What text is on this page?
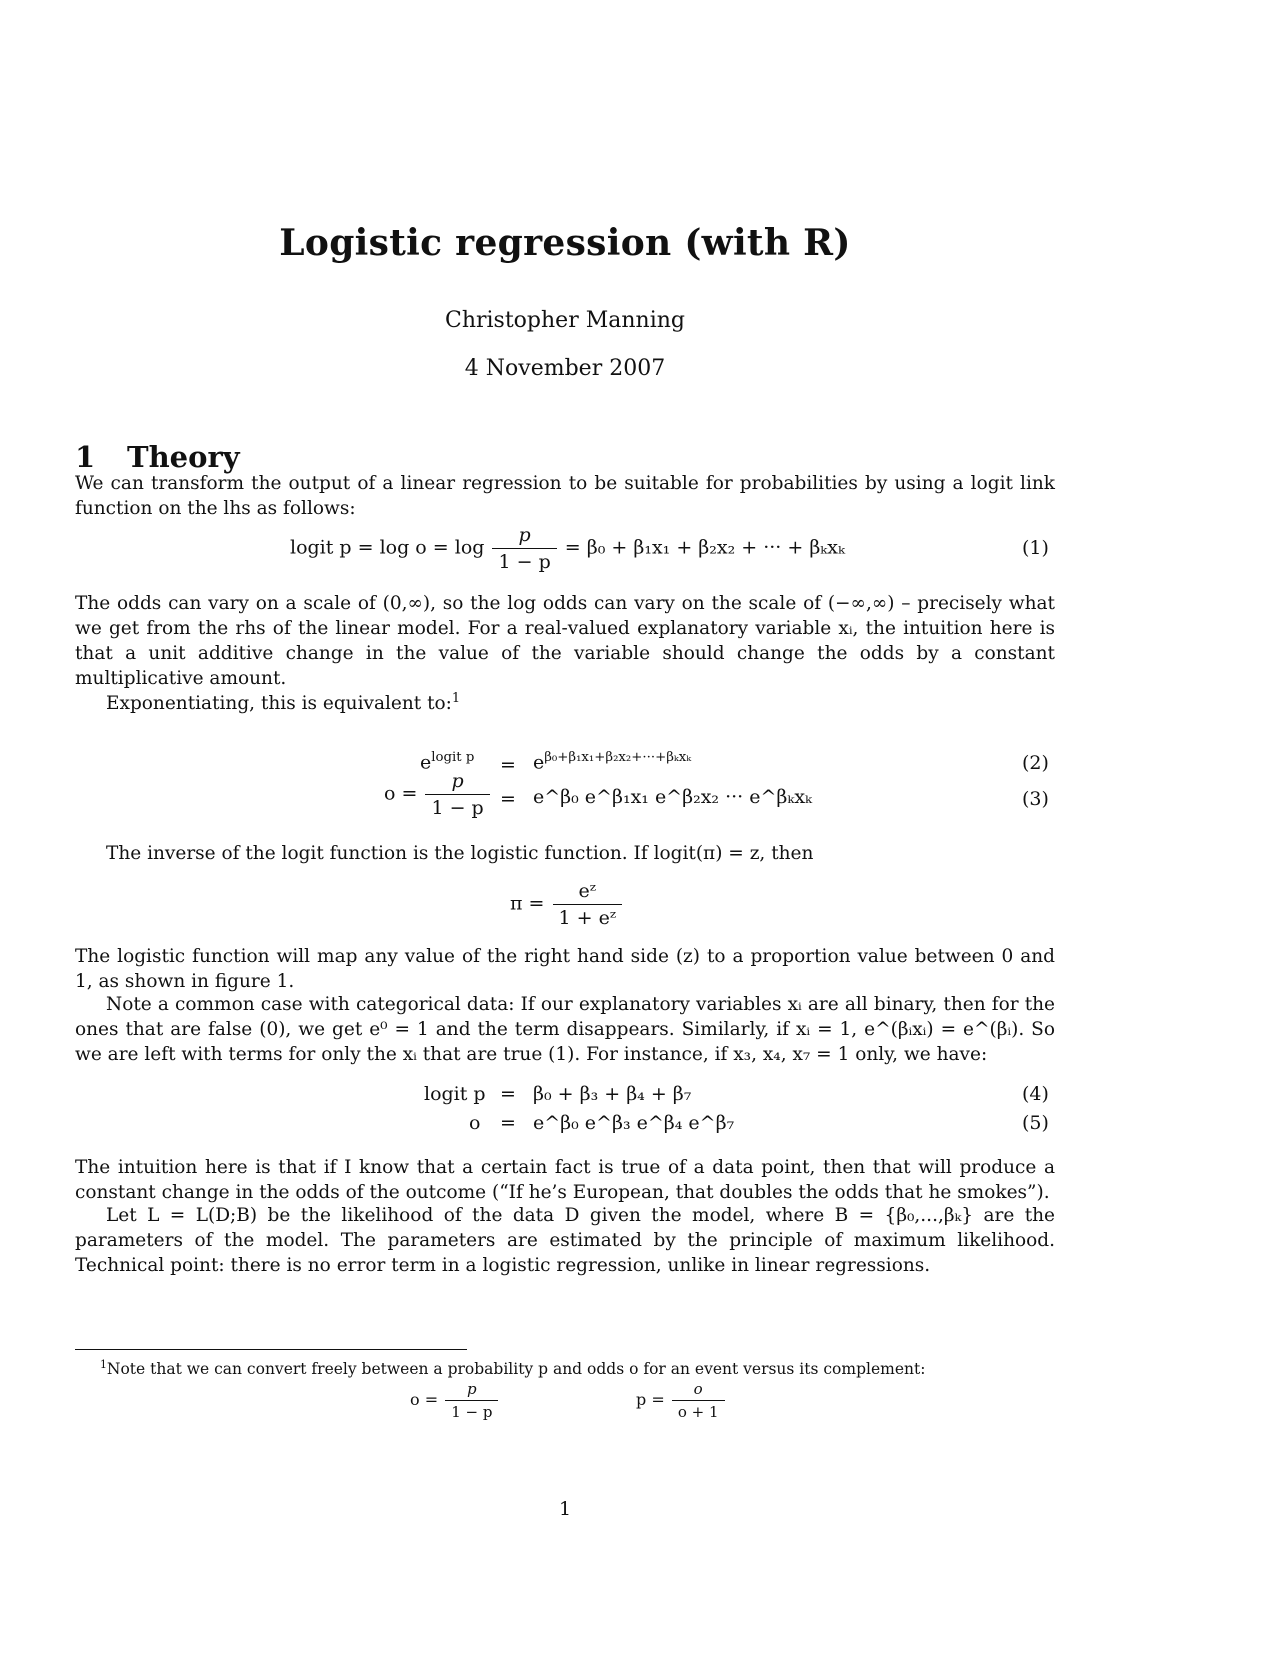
Logistic regression (with R)
Christopher Manning
4 November 2007
1 Theory

We can transform the output of a linear regression to be suitable for probabilities by using a logit link function on the lhs as follows:

logit $p = \log o = \log \frac{p}{1 - p} = \beta_0 + \beta_1x_1 + \beta_2x_2$ + ··· + βₖxₖ	(1)

The odds can vary on a scale of (0,∞), so the log odds can vary on the scale of (−∞,∞) – precisely what we get from the rhs of the linear model. For a real-valued explanatory variable xᵢ, the intuition here is that a unit additive change in the value of the variable should change the odds by a constant multiplicative amount.

Exponentiating, this is equivalent to:$^1$

$e^{logit p} = e^{\beta_0+\beta_1x_1+\beta_2x_2+\cdot\cdot\cdot+\beta_kx_k}$	(2)
$o = \frac{p}{1 - p}$ = e^β₀ e^β₁x₁ e^β₂x₂ ··· e^βₖxₖ	(3)

The inverse of the logit function is the logistic function. If logit(π) = z, then

$\pi = \frac{\text{eᶻ}}{\text{1 + eᶻ}}$

The logistic function will map any value of the right hand side (z) to a proportion value between 0 and 1, as shown in figure 1.

Note a common case with categorical data: If our explanatory variables xᵢ are all binary, then for the ones that are false (0), we get e⁰ = 1 and the term disappears. Similarly, if xᵢ = 1, e^(βᵢxᵢ) = e^(βᵢ). So we are left with terms for only the xᵢ that are true (1). For instance, if x₃, x₄, x₇ = 1 only, we have:

logit p = β₀ + β₃ + β₄ + β₇	(4)
o = e^β₀ e^β₃ e^β₄ e^β₇	(5)

The intuition here is that if I know that a certain fact is true of a data point, then that will produce a constant change in the odds of the outcome (“If he’s European, that doubles the odds that he smokes”).

Let L = L(D;B) be the likelihood of the data D given the model, where B = {β₀,...,βₖ} are the parameters of the model. The parameters are estimated by the principle of maximum likelihood. Technical point: there is no error term in a logistic regression, unlike in linear regressions.

$^1$Note that we can convert freely between a probability p and odds o for an event versus its complement:
$o = \frac{p}{1 - p}$	$p = \frac{o}{o + 1}$
1
